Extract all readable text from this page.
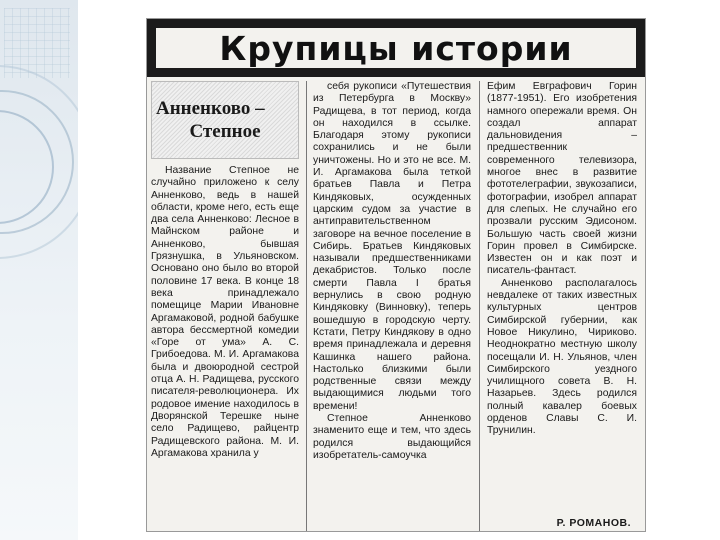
Крупицы истории
Анненково –
Степное

Название Степное не случайно приложено к селу Анненково, ведь в нашей области, кроме него, есть еще два села Анненково: Лесное в Майнском районе и Анненково, бывшая Грязнушка, в Ульяновском. Основано оно было во второй половине 17 века. В конце 18 века принадлежало помещице Марии Ивановне Аргамаковой, родной бабушке автора бессмертной комедии «Горе от ума» А. С. Грибоедова. М. И. Аргамакова была и двоюродной сестрой отца А. Н. Радищева, русского писателя-революционера. Их родовое имение находилось в Дворянской Терешке ныне село Радищево, райцентр Радищевского района. М. И. Аргамакова хранила у

себя рукописи «Путешествия из Петербурга в Москву» Радищева, в тот период, когда он находился в ссылке. Благодаря этому рукописи сохранились и не были уничтожены. Но и это не все. М. И. Аргамакова была теткой братьев Павла и Петра Киндяковых, осужденных царским судом за участие в антиправительственном заговоре на вечное поселение в Сибирь. Братьев Киндяковых называли предшественниками декабристов. Только после смерти Павла I братья вернулись в свою родную Киндяковку (Винновку), теперь вошедшую в городскую черту. Кстати, Петру Киндякову в одно время принадлежала и деревня Кашинка нашего района. Настолько близкими были родственные связи между выдающимися людьми того времени!

Степное Анненково знаменито еще и тем, что здесь родился выдающийся изобретатель-самоучка

Ефим Евграфович Горин (1877-1951). Его изобретения намного опережали время. Он создал аппарат дальновидения – предшественник современного телевизора, многое внес в развитие фототелеграфии, звукозаписи, фотографии, изобрел аппарат для слепых. Не случайно его прозвали русским Эдисоном. Большую часть своей жизни Горин провел в Симбирске. Известен он и как поэт и писатель-фантаст.

Анненково располагалось невдалеке от таких известных культурных центров Симбирской губернии, как Новое Никулино, Чириково. Неоднократно местную школу посещали И. Н. Ульянов, член Симбирского уездного училищного совета В. Н. Назарьев. Здесь родился полный кавалер боевых орденов Славы С. И. Трунилин.

Р. РОМАНОВ.
